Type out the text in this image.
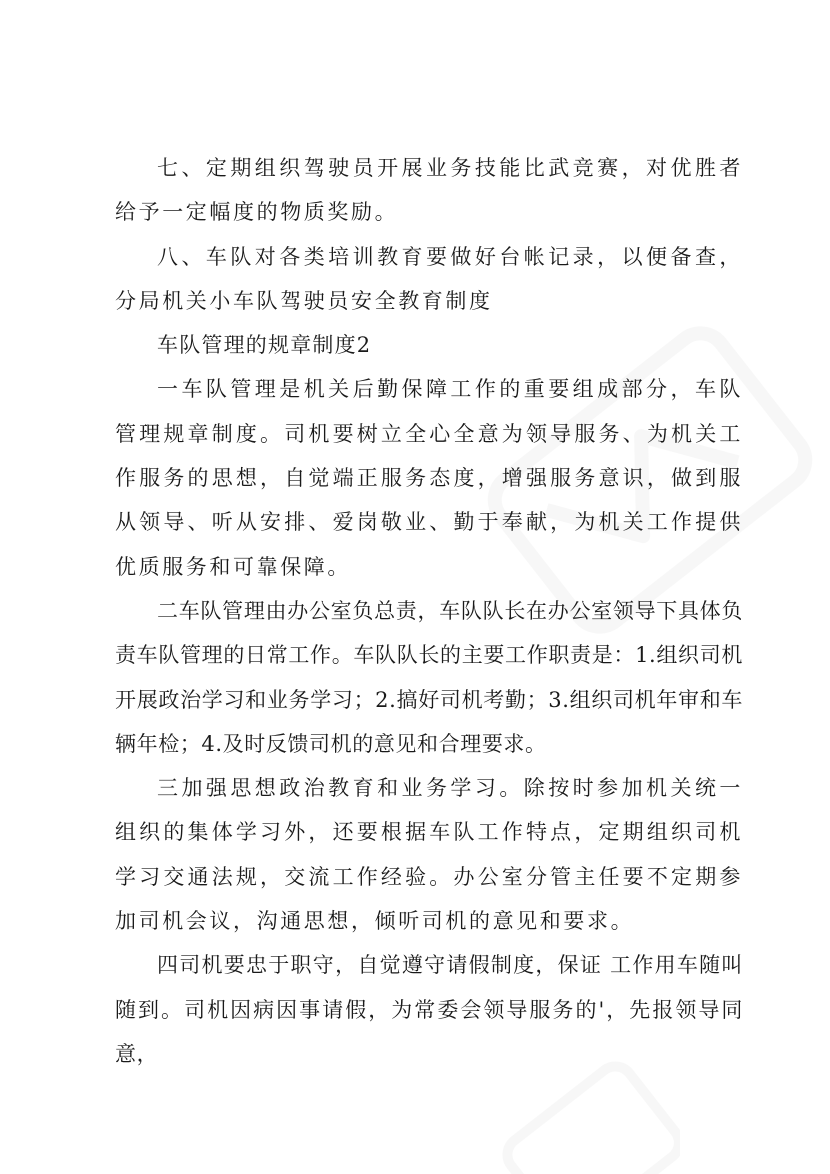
七、定期组织驾驶员开展业务技能比武竞赛，对优胜者给予一定幅度的物质奖励。

八、车队对各类培训教育要做好台帐记录，以便备查，分局机关小车队驾驶员安全教育制度

车队管理的规章制度2

一车队管理是机关后勤保障工作的重要组成部分，车队管理规章制度。司机要树立全心全意为领导服务、为机关工作服务的思想，自觉端正服务态度，增强服务意识，做到服从领导、听从安排、爱岗敬业、勤于奉献，为机关工作提供优质服务和可靠保障。

二车队管理由办公室负总责，车队队长在办公室领导下具体负责车队管理的日常工作。车队队长的主要工作职责是：1.组织司机开展政治学习和业务学习；2.搞好司机考勤；3.组织司机年审和车辆年检；4.及时反馈司机的意见和合理要求。

三加强思想政治教育和业务学习。除按时参加机关统一组织的集体学习外，还要根据车队工作特点，定期组织司机学习交通法规，交流工作经验。办公室分管主任要不定期参加司机会议，沟通思想，倾听司机的意见和要求。

四司机要忠于职守，自觉遵守请假制度，保证 工作用车随叫随到。司机因病因事请假，为常委会领导服务的'，先报领导同意，
